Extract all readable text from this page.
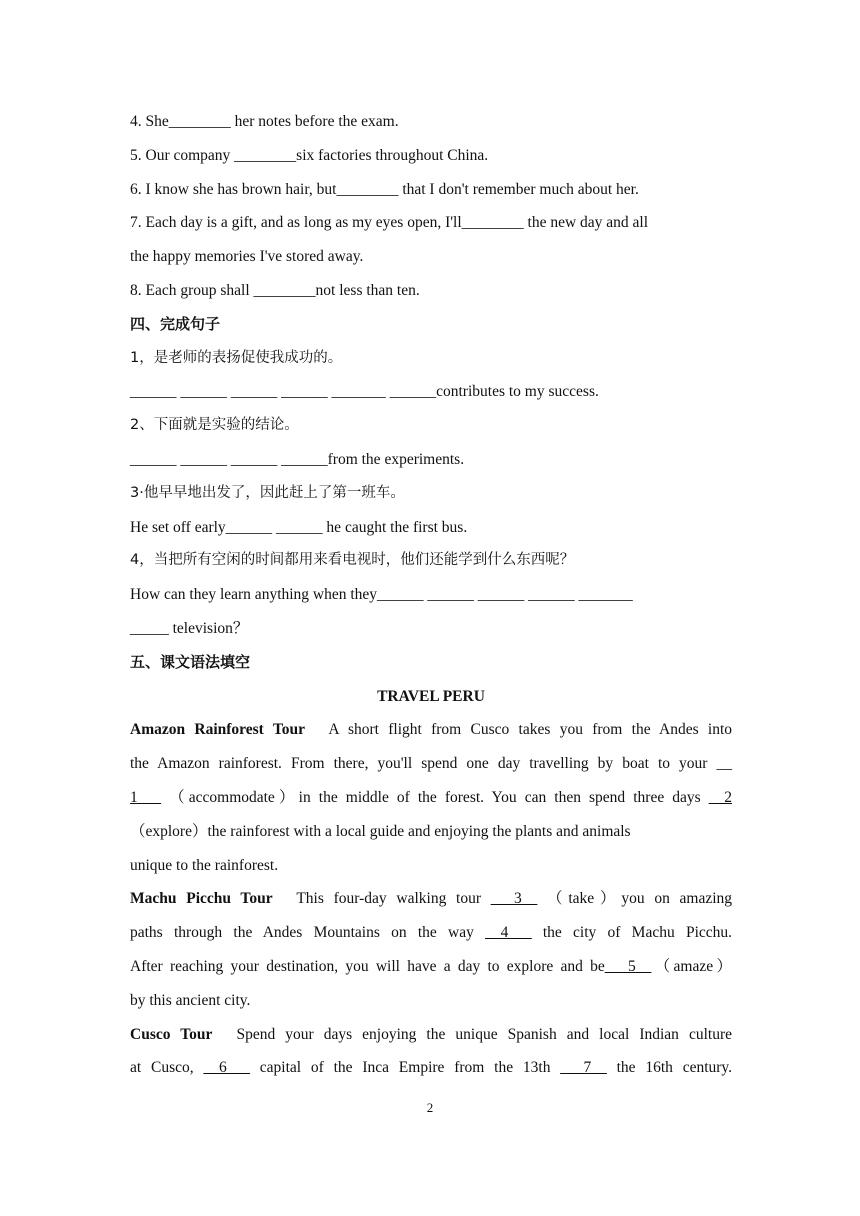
4. She________ her notes before the exam.
5. Our company ________six factories throughout China.
6. I know she has brown hair, but________ that I don't remember much about her.
7. Each day is a gift, and as long as my eyes open, I'll________ the new day and all
the happy memories I've stored away.
8. Each group shall ________not less than ten.
四、完成句子
1，是老师的表扬促使我成功的。
______ ______ ______ ______ _______ ______contributes to my success.
2、下面就是实验的结论。
______ ______ ______ ______from the experiments.
3·他早早地出发了，因此赶上了第一班车。
He set off early______ ______ he caught the first bus.
4，当把所有空闲的时间都用来看电视时，他们还能学到什么东西呢？
How can they learn anything when they______ ______ ______ ______ _______
_____ television？
五、课文语法填空
TRAVEL PERU
Amazon Rainforest Tour A short flight from Cusco takes you from the Andes into
the Amazon rainforest. From there, you'll spend one day travelling by boat to your __
1___ （accommodate）in the middle of the forest. You can then spend three days __2
（explore）the rainforest with a local guide and enjoying the plants and animals
unique to the rainforest.
Machu Picchu Tour This four-day walking tour ___3__ （take）you on amazing
paths through the Andes Mountains on the way __4___ the city of Machu Picchu.
After reaching your destination, you will have a day to explore and be___5__（amaze）
by this ancient city.
Cusco Tour Spend your days enjoying the unique Spanish and local Indian culture
at Cusco, __6___ capital of the Inca Empire from the 13th ___7__ the 16th century.
2
